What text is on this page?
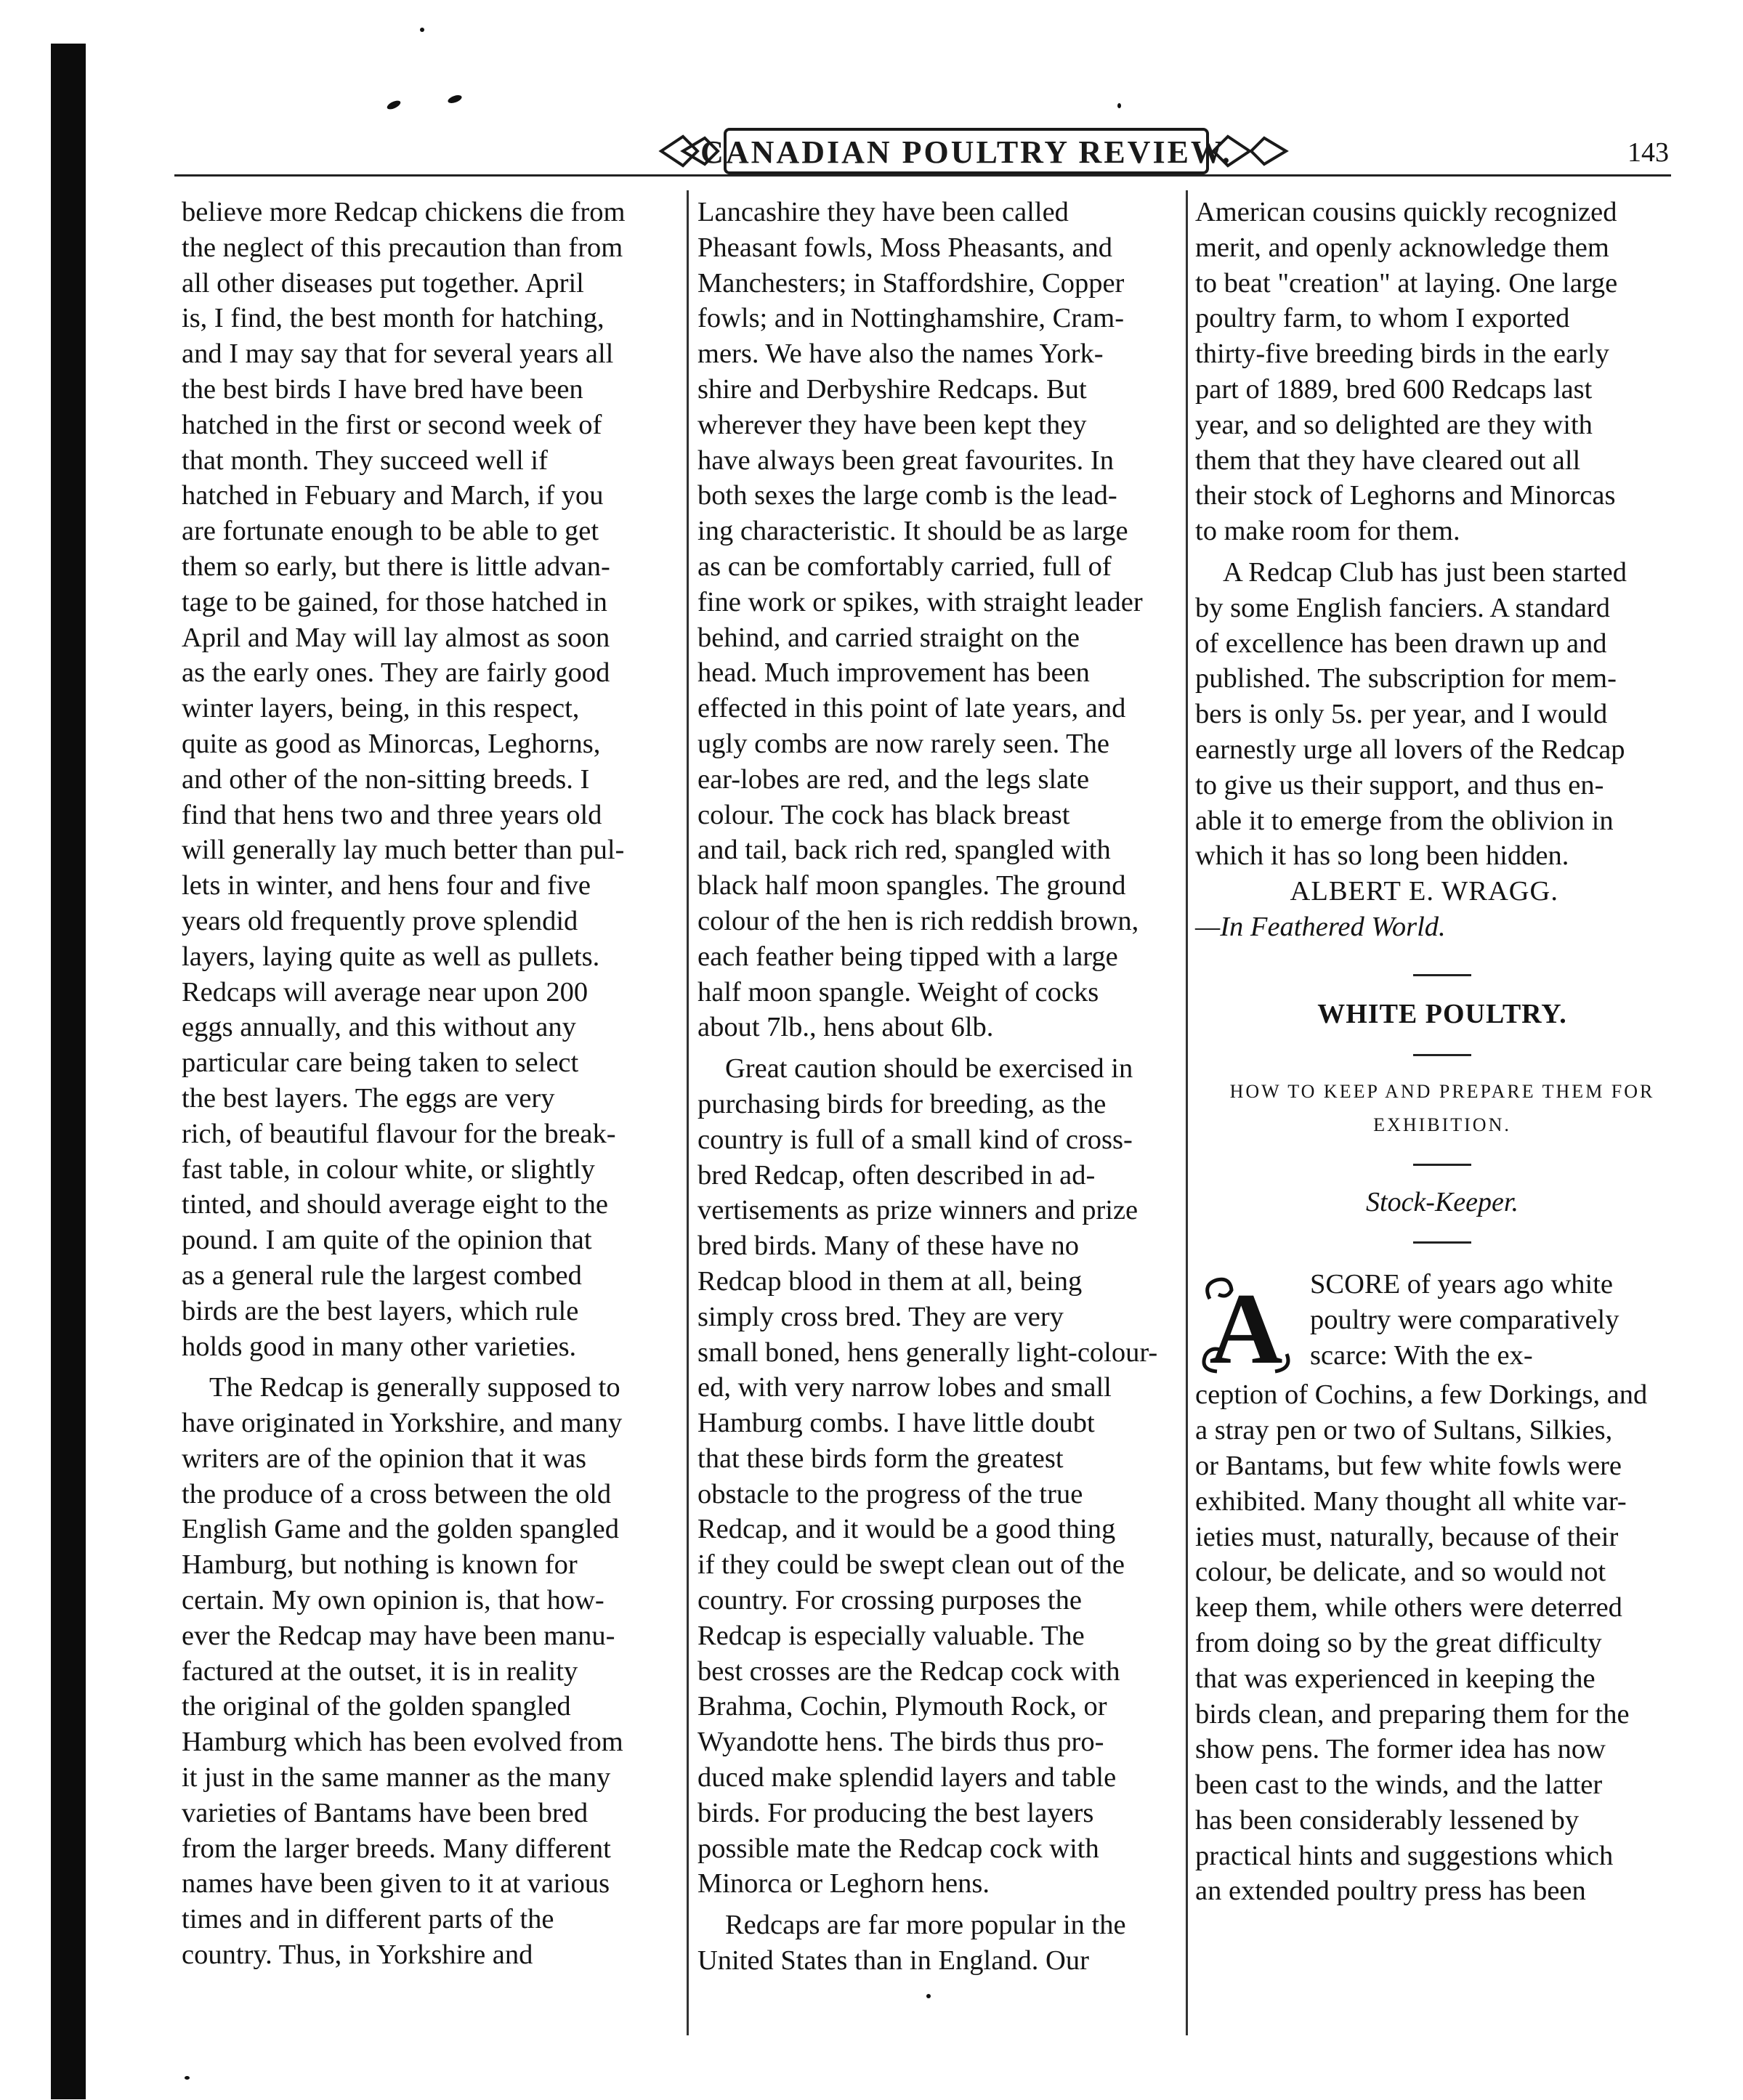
CANADIAN POULTRY REVIEW.	143

believe more Redcap chickens die from
the neglect of this precaution than from
all other diseases put together. April
is, I find, the best month for hatching,
and I may say that for several years all
the best birds I have bred have been
hatched in the first or second week of
that month. They succeed well if
hatched in Febuary and March, if you
are fortunate enough to be able to get
them so early, but there is little advan-
tage to be gained, for those hatched in
April and May will lay almost as soon
as the early ones. They are fairly good
winter layers, being, in this respect,
quite as good as Minorcas, Leghorns,
and other of the non-sitting breeds. I
find that hens two and three years old
will generally lay much better than pul-
lets in winter, and hens four and five
years old frequently prove splendid
layers, laying quite as well as pullets.
Redcaps will average near upon 200
eggs annually, and this without any
particular care being taken to select
the best layers. The eggs are very
rich, of beautiful flavour for the break-
fast table, in colour white, or slightly
tinted, and should average eight to the
pound. I am quite of the opinion that
as a general rule the largest combed
birds are the best layers, which rule
holds good in many other varieties.

The Redcap is generally supposed to
have originated in Yorkshire, and many
writers are of the opinion that it was
the produce of a cross between the old
English Game and the golden spangled
Hamburg, but nothing is known for
certain. My own opinion is, that how-
ever the Redcap may have been manu-
factured at the outset, it is in reality
the original of the golden spangled
Hamburg which has been evolved from
it just in the same manner as the many
varieties of Bantams have been bred
from the larger breeds. Many different
names have been given to it at various
times and in different parts of the
country. Thus, in Yorkshire and

Lancashire they have been called
Pheasant fowls, Moss Pheasants, and
Manchesters; in Staffordshire, Copper
fowls; and in Nottinghamshire, Cram-
mers. We have also the names York-
shire and Derbyshire Redcaps. But
wherever they have been kept they
have always been great favourites. In
both sexes the large comb is the lead-
ing characteristic. It should be as large
as can be comfortably carried, full of
fine work or spikes, with straight leader
behind, and carried straight on the
head. Much improvement has been
effected in this point of late years, and
ugly combs are now rarely seen. The
ear-lobes are red, and the legs slate
colour. The cock has black breast
and tail, back rich red, spangled with
black half moon spangles. The ground
colour of the hen is rich reddish brown,
each feather being tipped with a large
half moon spangle. Weight of cocks
about 7lb., hens about 6lb.

Great caution should be exercised in
purchasing birds for breeding, as the
country is full of a small kind of cross-
bred Redcap, often described in ad-
vertisements as prize winners and prize
bred birds. Many of these have no
Redcap blood in them at all, being
simply cross bred. They are very
small boned, hens generally light-colour-
ed, with very narrow lobes and small
Hamburg combs. I have little doubt
that these birds form the greatest
obstacle to the progress of the true
Redcap, and it would be a good thing
if they could be swept clean out of the
country. For crossing purposes the
Redcap is especially valuable. The
best crosses are the Redcap cock with
Brahma, Cochin, Plymouth Rock, or
Wyandotte hens. The birds thus pro-
duced make splendid layers and table
birds. For producing the best layers
possible mate the Redcap cock with
Minorca or Leghorn hens.

Redcaps are far more popular in the
United States than in England. Our

American cousins quickly recognized
merit, and openly acknowledge them
to beat "creation" at laying. One large
poultry farm, to whom I exported
thirty-five breeding birds in the early
part of 1889, bred 600 Redcaps last
year, and so delighted are they with
them that they have cleared out all
their stock of Leghorns and Minorcas
to make room for them.

A Redcap Club has just been started
by some English fanciers. A standard
of excellence has been drawn up and
published. The subscription for mem-
bers is only 5s. per year, and I would
earnestly urge all lovers of the Redcap
to give us their support, and thus en-
able it to emerge from the oblivion in
which it has so long been hidden.

ALBERT E. WRAGG.
—In Feathered World.
WHITE POULTRY.
HOW TO KEEP AND PREPARE THEM FOR EXHIBITION.
Stock-Keeper.
A SCORE of years ago white
poultry were comparatively
scarce: With the ex-
ception of Cochins, a few Dorkings, and
a stray pen or two of Sultans, Silkies,
or Bantams, but few white fowls were
exhibited. Many thought all white var-
ieties must, naturally, because of their
colour, be delicate, and so would not
keep them, while others were deterred
from doing so by the great difficulty
that was experienced in keeping the
birds clean, and preparing them for the
show pens. The former idea has now
been cast to the winds, and the latter
has been considerably lessened by
practical hints and suggestions which
an extended poultry press has been
